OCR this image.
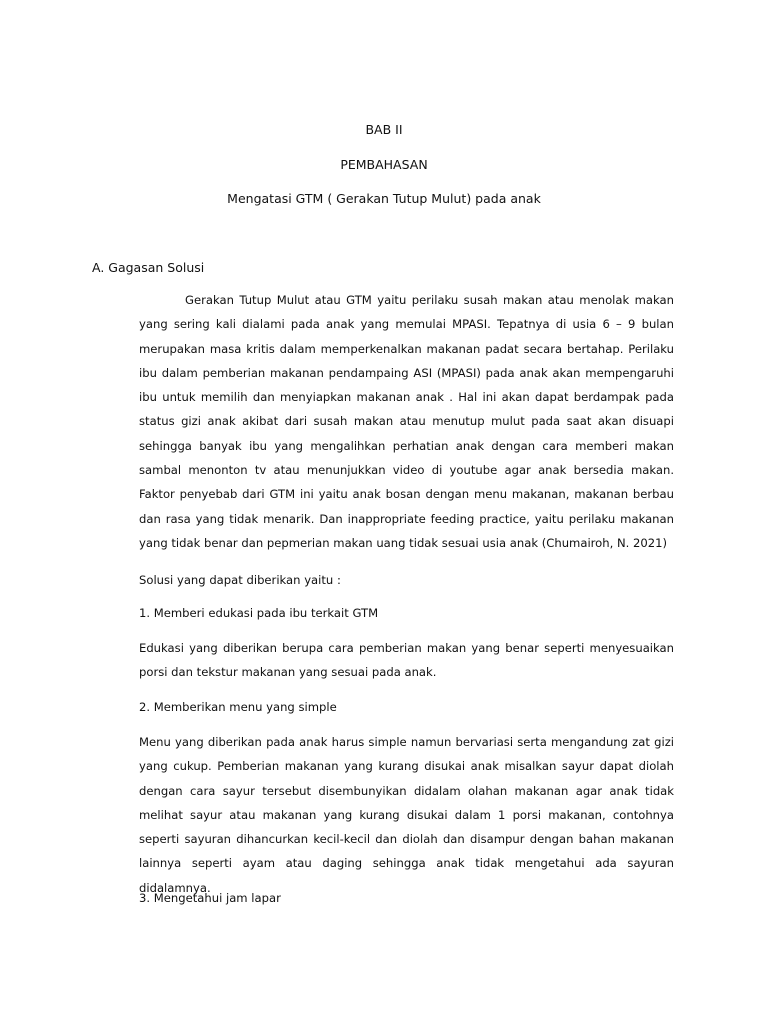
BAB II
PEMBAHASAN
Mengatasi GTM ( Gerakan Tutup Mulut) pada anak
A. Gagasan Solusi
Gerakan Tutup Mulut atau GTM yaitu perilaku susah makan atau menolak makan yang sering kali dialami pada anak yang memulai MPASI. Tepatnya di usia 6 – 9 bulan merupakan masa kritis dalam memperkenalkan makanan padat secara bertahap. Perilaku ibu dalam pemberian makanan pendampaing ASI (MPASI) pada anak akan mempengaruhi ibu untuk memilih dan menyiapkan makanan anak . Hal ini akan dapat berdampak pada status gizi anak akibat dari susah makan atau menutup mulut pada saat akan disuapi sehingga banyak ibu yang mengalihkan perhatian anak dengan cara memberi makan sambal menonton tv atau menunjukkan video di youtube agar anak bersedia makan. Faktor penyebab dari GTM ini yaitu anak bosan dengan menu makanan, makanan berbau dan rasa yang tidak menarik. Dan inappropriate feeding practice, yaitu perilaku makanan yang tidak benar dan pepmerian makan uang tidak sesuai usia anak (Chumairoh, N. 2021)
Solusi yang dapat diberikan yaitu :
1. Memberi edukasi pada ibu terkait GTM
Edukasi yang diberikan berupa cara pemberian makan yang benar seperti menyesuaikan porsi dan tekstur makanan yang sesuai pada anak.
2. Memberikan menu yang simple
Menu yang diberikan pada anak harus simple namun bervariasi serta mengandung zat gizi yang cukup. Pemberian makanan yang kurang disukai anak misalkan sayur dapat diolah dengan cara sayur tersebut disembunyikan didalam olahan makanan agar anak tidak melihat sayur atau makanan yang kurang disukai dalam 1 porsi makanan, contohnya seperti sayuran dihancurkan kecil-kecil dan diolah dan disampur dengan bahan makanan lainnya seperti ayam atau daging sehingga anak tidak mengetahui ada sayuran didalamnya.
3. Mengetahui jam lapar
